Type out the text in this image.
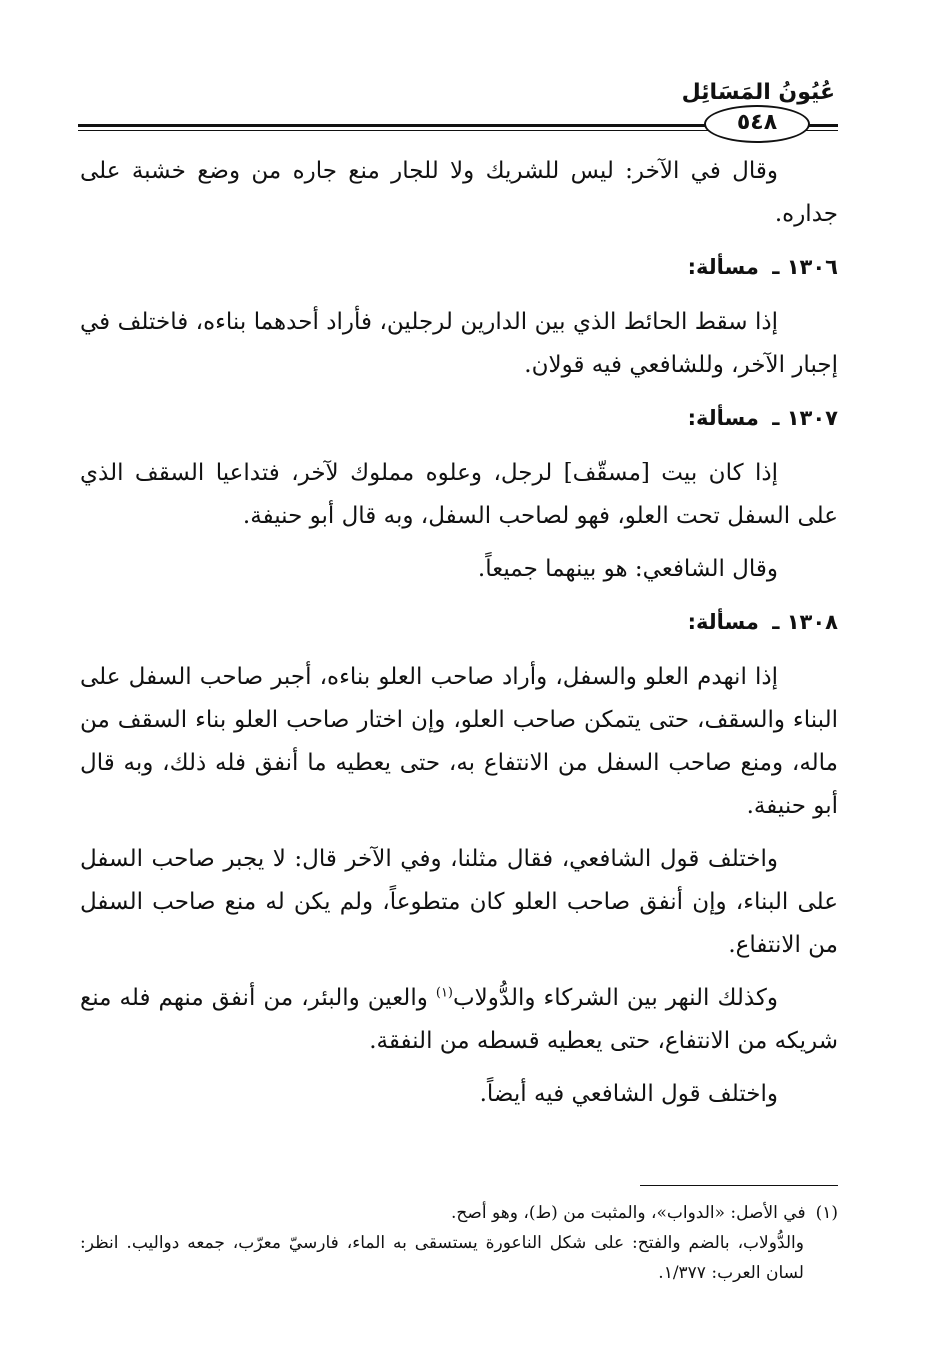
عُيُونُ المَسَائِل
٥٤٨

وقال في الآخر: ليس للشريك ولا للجار منع جاره من وضع خشبة على جداره.

١٣٠٦ ـ مسألة:

إذا سقط الحائط الذي بين الدارين لرجلين، فأراد أحدهما بناءه، فاختلف في إجبار الآخر، وللشافعي فيه قولان.

١٣٠٧ ـ مسألة:

إذا كان بيت [مسقّف] لرجل، وعلوه مملوك لآخر، فتداعيا السقف الذي على السفل تحت العلو، فهو لصاحب السفل، وبه قال أبو حنيفة.

وقال الشافعي: هو بينهما جميعاً.

١٣٠٨ ـ مسألة:

إذا انهدم العلو والسفل، وأراد صاحب العلو بناءه، أجبر صاحب السفل على البناء والسقف، حتى يتمكن صاحب العلو، وإن اختار صاحب العلو بناء السقف من ماله، ومنع صاحب السفل من الانتفاع به، حتى يعطيه ما أنفق فله ذلك، وبه قال أبو حنيفة.

واختلف قول الشافعي، فقال مثلنا، وفي الآخر قال: لا يجبر صاحب السفل على البناء، وإن أنفق صاحب العلو كان متطوعاً، ولم يكن له منع صاحب السفل من الانتفاع.

وكذلك النهر بين الشركاء والدُّولاب$^{(١)}$ والعين والبئر، من أنفق منهم فله منع شريكه من الانتفاع، حتى يعطيه قسطه من النفقة.

واختلف قول الشافعي فيه أيضاً.

(١)في الأصل: «الدواب»، والمثبت من (ط)، وهو أصح.

والدُّولاب، بالضم والفتح: على شكل الناعورة يستسقى به الماء، فارسيّ معرّب، جمعه دواليب. انظر: لسان العرب: ١/٣٧٧.
